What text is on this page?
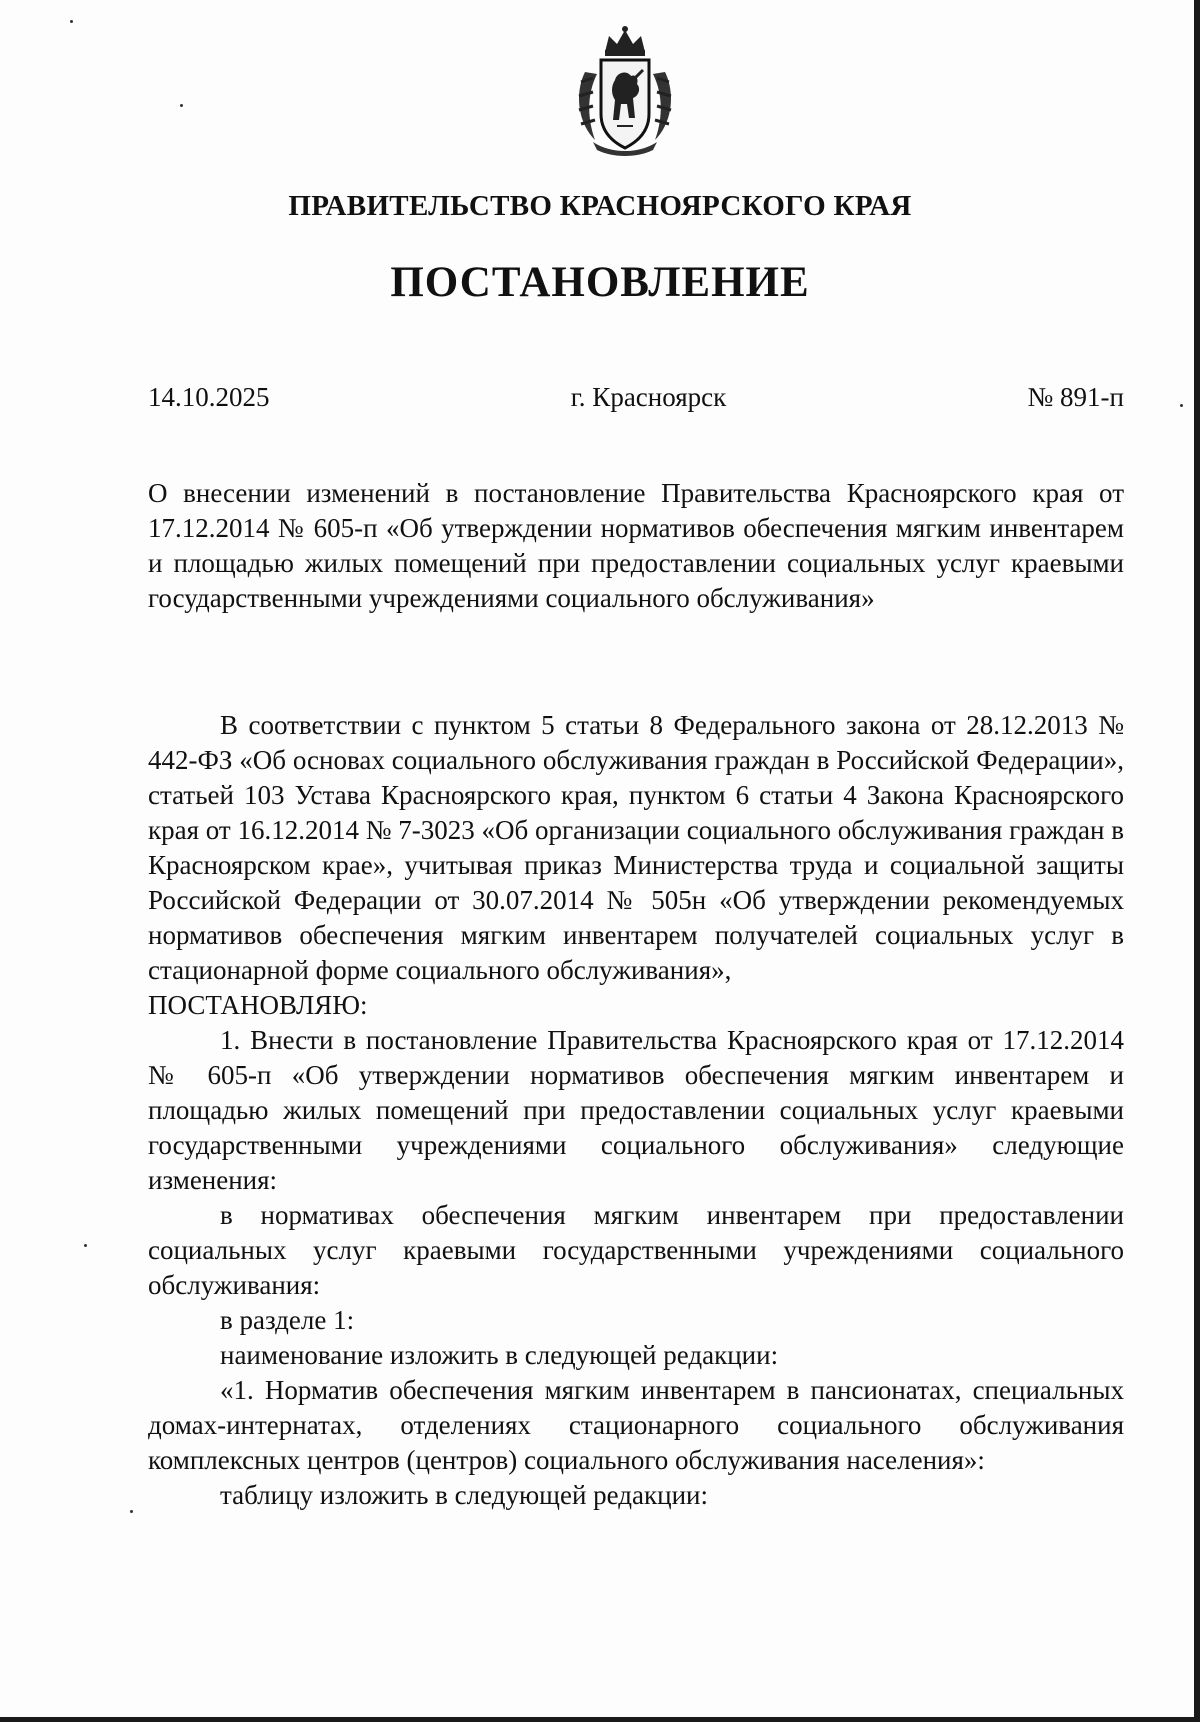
ПРАВИТЕЛЬСТВО КРАСНОЯРСКОГО КРАЯ
ПОСТАНОВЛЕНИЕ
14.10.2025	г. Красноярск	№ 891-п
О внесении изменений в постановление Правительства Красноярского края от 17.12.2014 № 605-п «Об утверждении нормативов обеспечения мягким инвентарем и площадью жилых помещений при предоставлении социальных услуг краевыми государственными учреждениями социального обслуживания»

В соответствии с пунктом 5 статьи 8 Федерального закона от 28.12.2013 № 442-ФЗ «Об основах социального обслуживания граждан в Российской Федерации», статьей 103 Устава Красноярского края, пунктом 6 статьи 4 Закона Красноярского края от 16.12.2014 № 7-3023 «Об организации социального обслуживания граждан в Красноярском крае», учитывая приказ Министерства труда и социальной защиты Российской Федерации от 30.07.2014 № 505н «Об утверждении рекомендуемых нормативов обеспечения мягким инвентарем получателей социальных услуг в стационарной форме социального обслуживания»,

ПОСТАНОВЛЯЮ:

1. Внести в постановление Правительства Красноярского края от 17.12.2014 № 605-п «Об утверждении нормативов обеспечения мягким инвентарем и площадью жилых помещений при предоставлении социальных услуг краевыми государственными учреждениями социального обслуживания» следующие изменения:

в нормативах обеспечения мягким инвентарем при предоставлении социальных услуг краевыми государственными учреждениями социального обслуживания:

в разделе 1:

наименование изложить в следующей редакции:

«1. Норматив обеспечения мягким инвентарем в пансионатах, специальных домах-интернатах, отделениях стационарного социального обслуживания комплексных центров (центров) социального обслуживания населения»:

таблицу изложить в следующей редакции:
